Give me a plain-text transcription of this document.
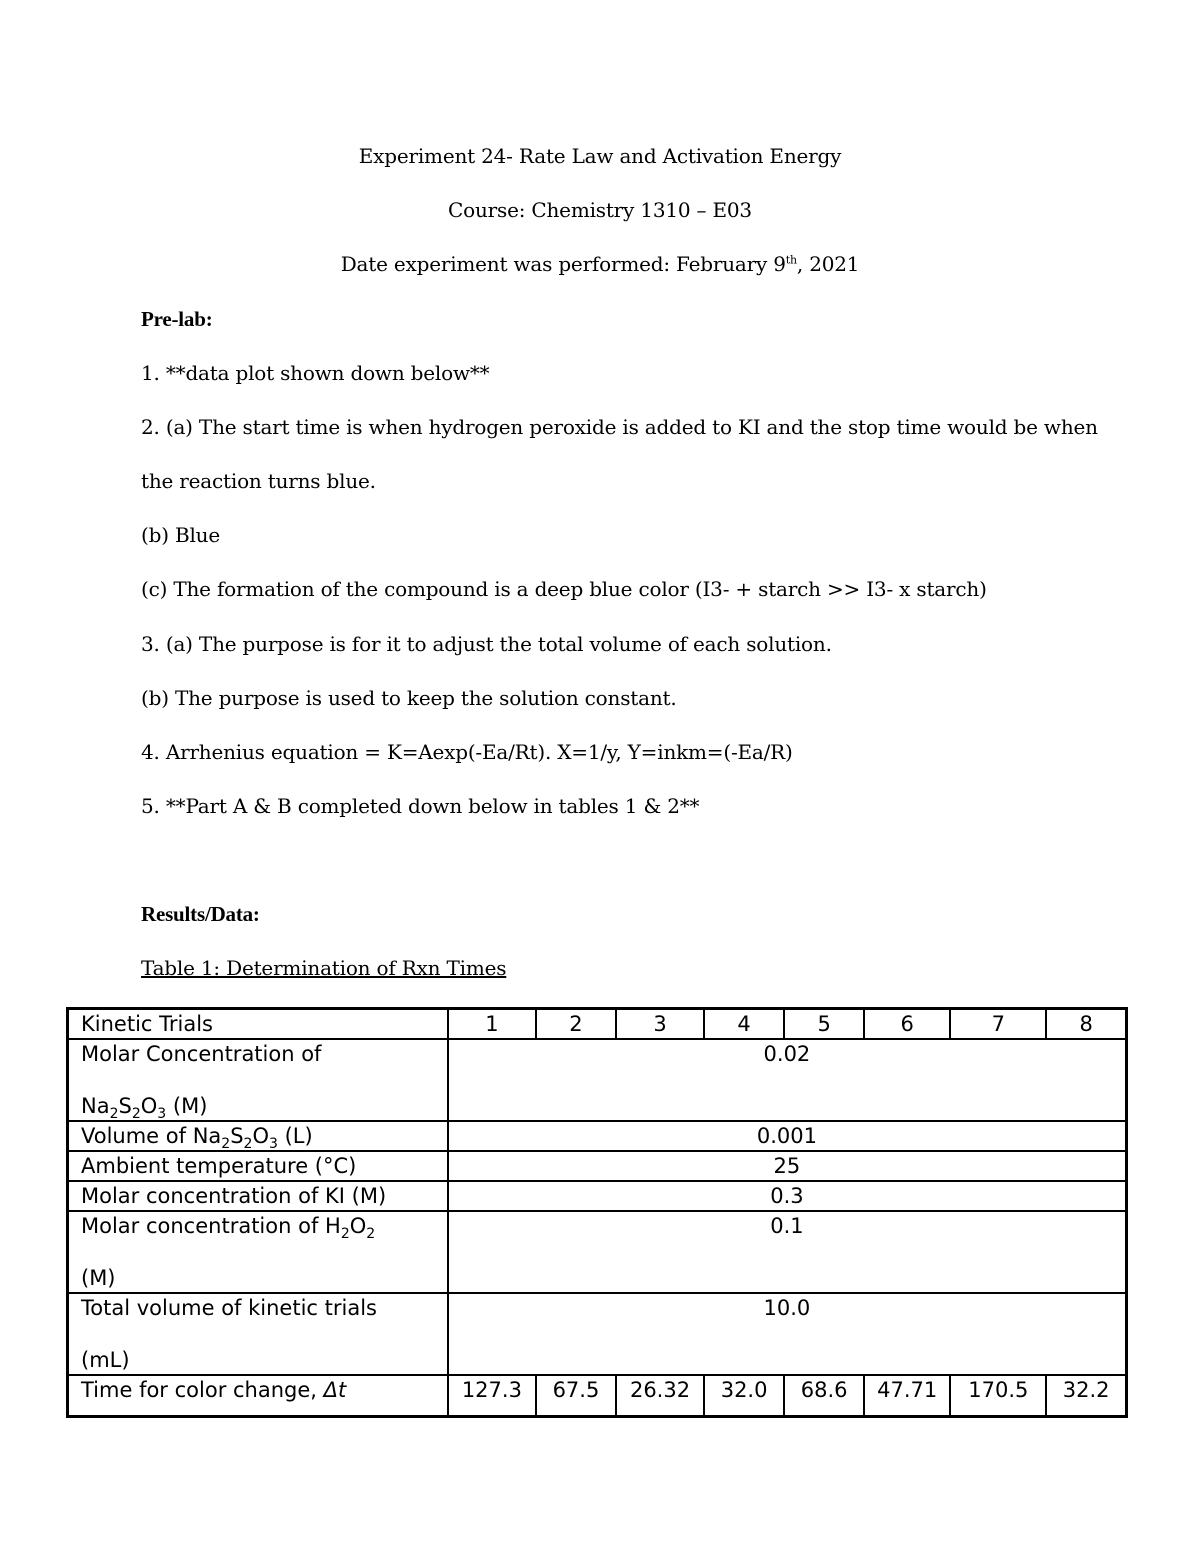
Experiment 24- Rate Law and Activation Energy
Course: Chemistry 1310 – E03
Date experiment was performed: February 9th, 2021
Pre-lab:
1. **data plot shown down below**
2. (a) The start time is when hydrogen peroxide is added to KI and the stop time would be when
the reaction turns blue.
(b) Blue
(c) The formation of the compound is a deep blue color (I3- + starch >> I3- x starch)
3. (a) The purpose is for it to adjust the total volume of each solution.
(b) The purpose is used to keep the solution constant.
4. Arrhenius equation = K=Aexp(-Ea/Rt). X=1/y, Y=inkm=(-Ea/R)
5. **Part A & B completed down below in tables 1 & 2**
Results/Data:
Table 1: Determination of Rxn Times
Kinetic Trials	1	2	3	4	5	6	7	8
Molar Concentration of
$Na_2S_2O_3$ (M)	0.02							
Volume of $Na_2S_2O_3$ (L)	0.001							
Ambient temperature (°C)	25							
Molar concentration of KI (M)	0.3							
Molar concentration of $H_2O_2$
(M)	0.1							
Total volume of kinetic trials
(mL)	10.0							
Time for color change, Δt	127.3	67.5	26.32	32.0	68.6	47.71	170.5	32.2
